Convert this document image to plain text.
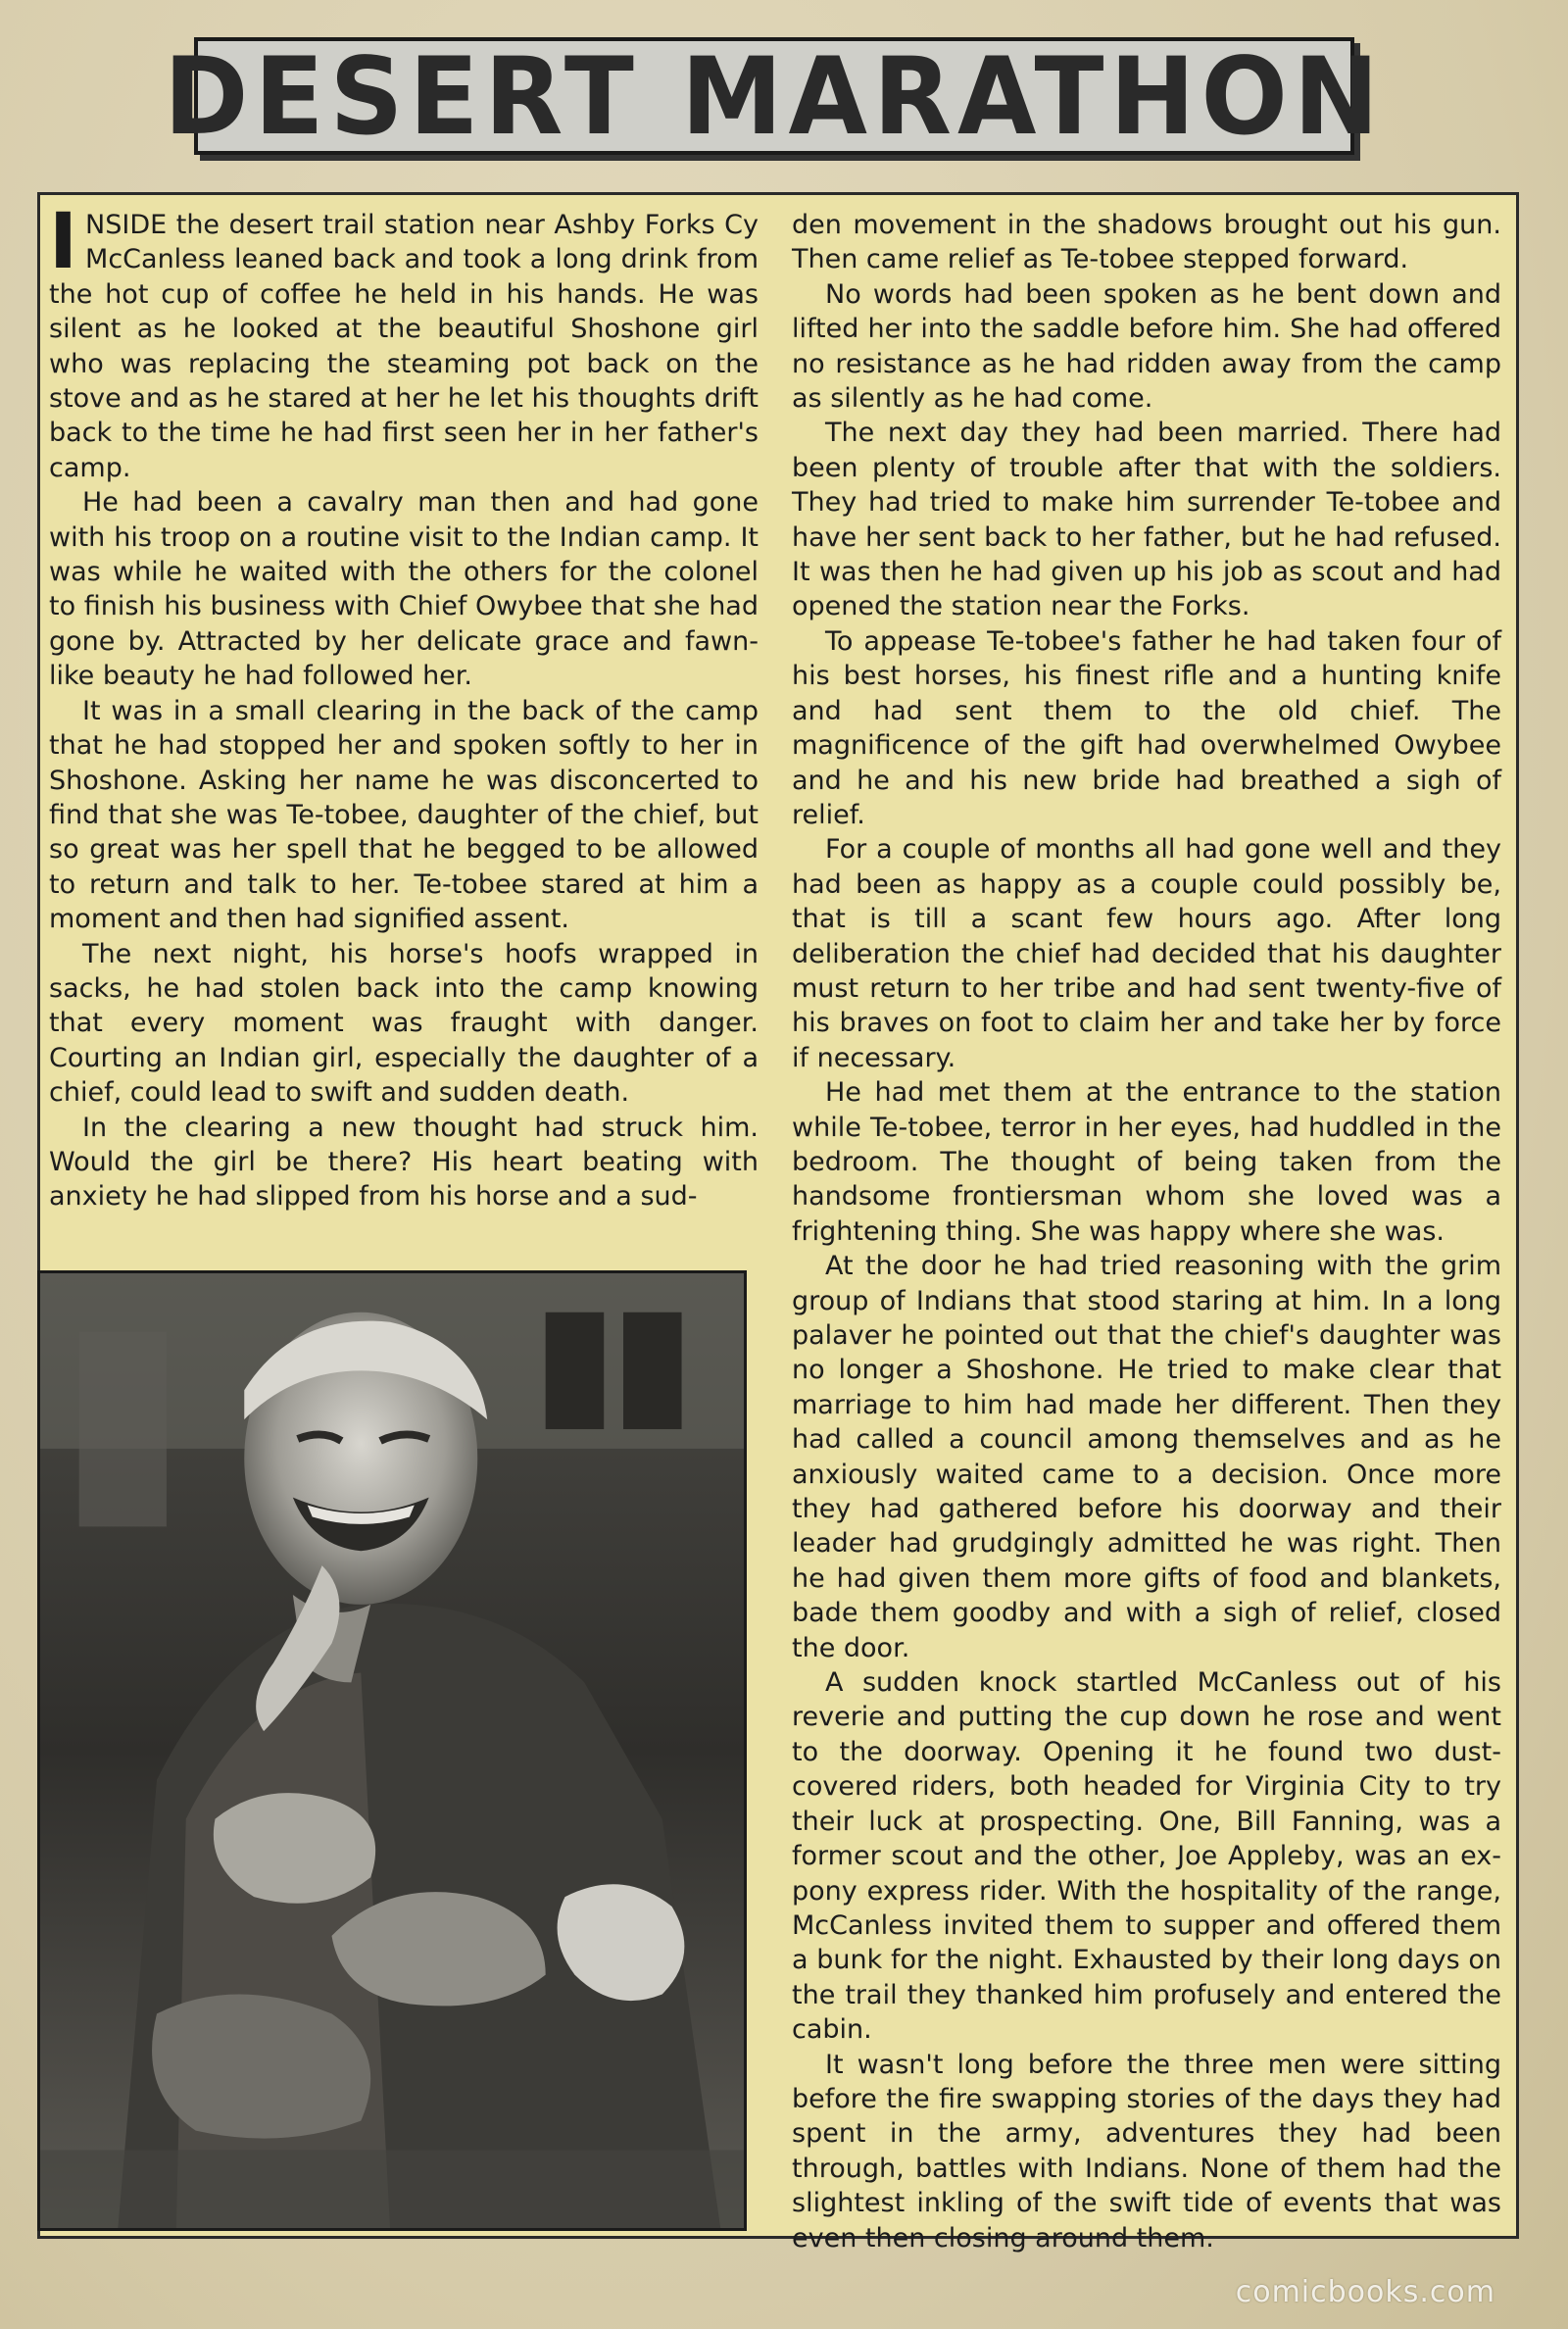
DESERT MARATHON

INSIDE the desert trail station near Ashby Forks Cy McCanless leaned back and took a long drink from the hot cup of coffee he held in his hands. He was silent as he looked at the beautiful Shoshone girl who was replacing the steaming pot back on the stove and as he stared at her he let his thoughts drift back to the time he had first seen her in her father's camp.

He had been a cavalry man then and had gone with his troop on a routine visit to the Indian camp. It was while he waited with the others for the colonel to finish his business with Chief Owybee that she had gone by. Attracted by her delicate grace and fawn-like beauty he had followed her.

It was in a small clearing in the back of the camp that he had stopped her and spoken softly to her in Shoshone. Asking her name he was disconcerted to find that she was Te-tobee, daughter of the chief, but so great was her spell that he begged to be allowed to return and talk to her. Te-tobee stared at him a moment and then had signified assent.

The next night, his horse's hoofs wrapped in sacks, he had stolen back into the camp knowing that every moment was fraught with danger. Courting an Indian girl, especially the daughter of a chief, could lead to swift and sudden death.

In the clearing a new thought had struck him. Would the girl be there? His heart beating with anxiety he had slipped from his horse and a sud-

den movement in the shadows brought out his gun. Then came relief as Te-tobee stepped forward.

No words had been spoken as he bent down and lifted her into the saddle before him. She had offered no resistance as he had ridden away from the camp as silently as he had come.

The next day they had been married. There had been plenty of trouble after that with the soldiers. They had tried to make him surrender Te-tobee and have her sent back to her father, but he had refused. It was then he had given up his job as scout and had opened the station near the Forks.

To appease Te-tobee's father he had taken four of his best horses, his finest rifle and a hunting knife and had sent them to the old chief. The magnificence of the gift had overwhelmed Owybee and he and his new bride had breathed a sigh of relief.

For a couple of months all had gone well and they had been as happy as a couple could possibly be, that is till a scant few hours ago. After long deliberation the chief had decided that his daughter must return to her tribe and had sent twenty-five of his braves on foot to claim her and take her by force if necessary.

He had met them at the entrance to the station while Te-tobee, terror in her eyes, had huddled in the bedroom. The thought of being taken from the handsome frontiersman whom she loved was a frightening thing. She was happy where she was.

At the door he had tried reasoning with the grim group of Indians that stood staring at him. In a long palaver he pointed out that the chief's daughter was no longer a Shoshone. He tried to make clear that marriage to him had made her different. Then they had called a council among themselves and as he anxiously waited came to a decision. Once more they had gathered before his doorway and their leader had grudgingly admitted he was right. Then he had given them more gifts of food and blankets, bade them goodby and with a sigh of relief, closed the door.

A sudden knock startled McCanless out of his reverie and putting the cup down he rose and went to the doorway. Opening it he found two dust-covered riders, both headed for Virginia City to try their luck at prospecting. One, Bill Fanning, was a former scout and the other, Joe Appleby, was an ex-pony express rider. With the hospitality of the range, McCanless invited them to supper and offered them a bunk for the night. Exhausted by their long days on the trail they thanked him profusely and entered the cabin.

It wasn't long before the three men were sitting before the fire swapping stories of the days they had spent in the army, adventures they had been through, battles with Indians. None of them had the slightest inkling of the swift tide of events that was even then closing around them.

comicbooks.com
